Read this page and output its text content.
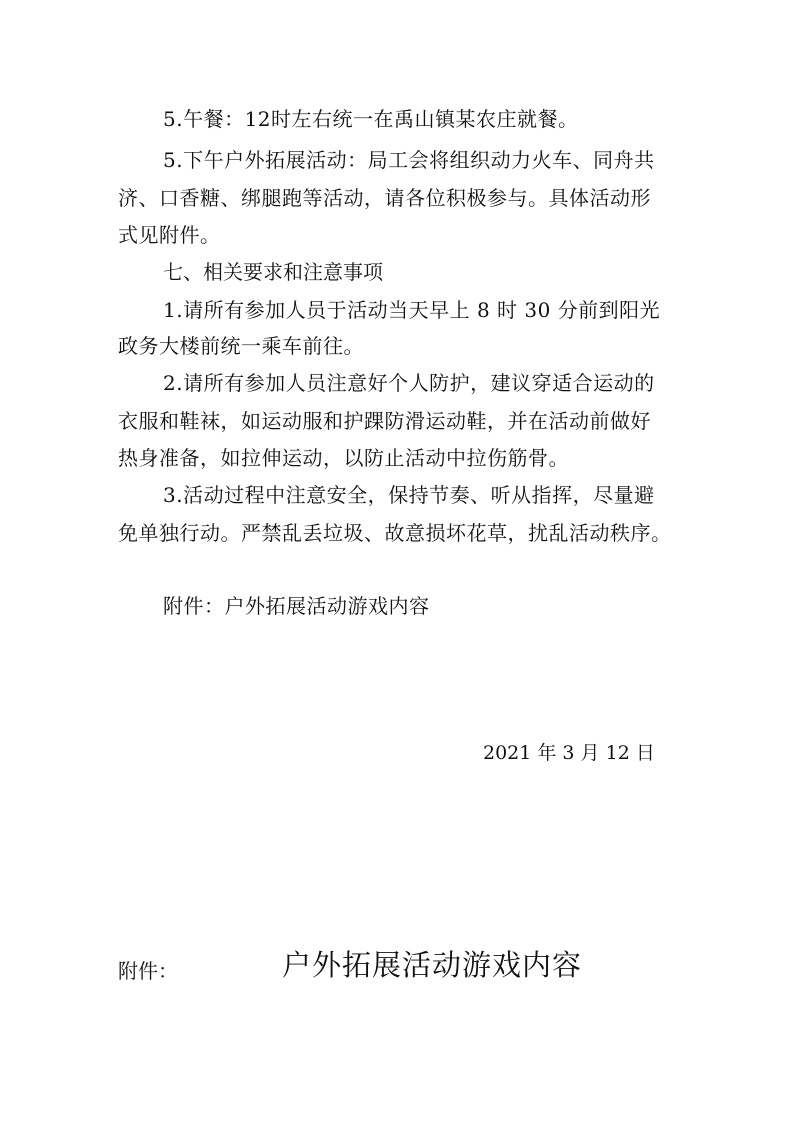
5.午餐：12时左右统一在禹山镇某农庄就餐。
5.下午户外拓展活动：局工会将组织动力火车、同舟共
济、口香糖、绑腿跑等活动，请各位积极参与。具体活动形
式见附件。
七、相关要求和注意事项
1.请所有参加人员于活动当天早上 8 时 30 分前到阳光
政务大楼前统一乘车前往。
2.请所有参加人员注意好个人防护，建议穿适合运动的
衣服和鞋袜，如运动服和护踝防滑运动鞋，并在活动前做好
热身准备，如拉伸运动，以防止活动中拉伤筋骨。
3.活动过程中注意安全，保持节奏、听从指挥，尽量避
免单独行动。严禁乱丢垃圾、故意损坏花草，扰乱活动秩序。
附件：户外拓展活动游戏内容
2021 年 3 月 12 日
附件：	户外拓展活动游戏内容
